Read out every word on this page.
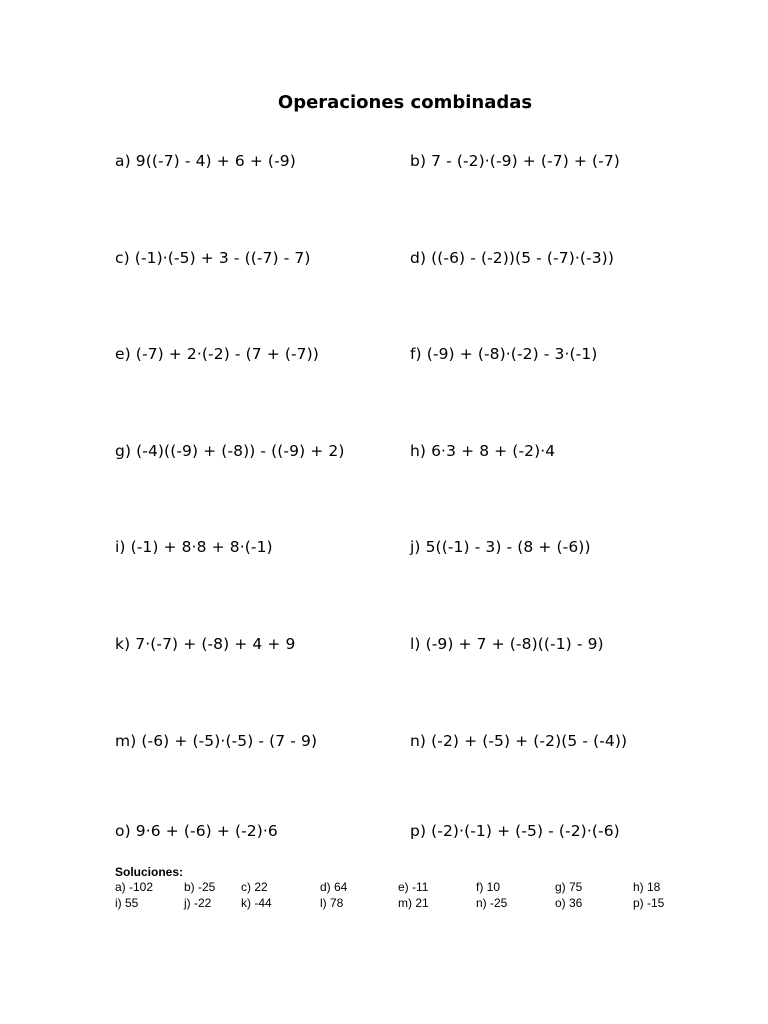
Operaciones combinadas
a) 9((-7) - 4) + 6 + (-9)	b) 7 - (-2)·(-9) + (-7) + (-7)
c) (-1)·(-5) + 3 - ((-7) - 7)	d) ((-6) - (-2))(5 - (-7)·(-3))
e) (-7) + 2·(-2) - (7 + (-7))	f) (-9) + (-8)·(-2) - 3·(-1)
g) (-4)((-9) + (-8)) - ((-9) + 2)	h) 6·3 + 8 + (-2)·4
i) (-1) + 8·8 + 8·(-1)	j) 5((-1) - 3) - (8 + (-6))
k) 7·(-7) + (-8) + 4 + 9	l) (-9) + 7 + (-8)((-1) - 9)
m) (-6) + (-5)·(-5) - (7 - 9)	n) (-2) + (-5) + (-2)(5 - (-4))
o) 9·6 + (-6) + (-2)·6	p) (-2)·(-1) + (-5) - (-2)·(-6)
Soluciones:
a) -102	b) -25 c) 22	d) 64	e) -11	f) 10	g) 75	h) 18
i) 55	j) -22 k) -44	l) 78	m) 21	n) -25	o) 36	p) -15
